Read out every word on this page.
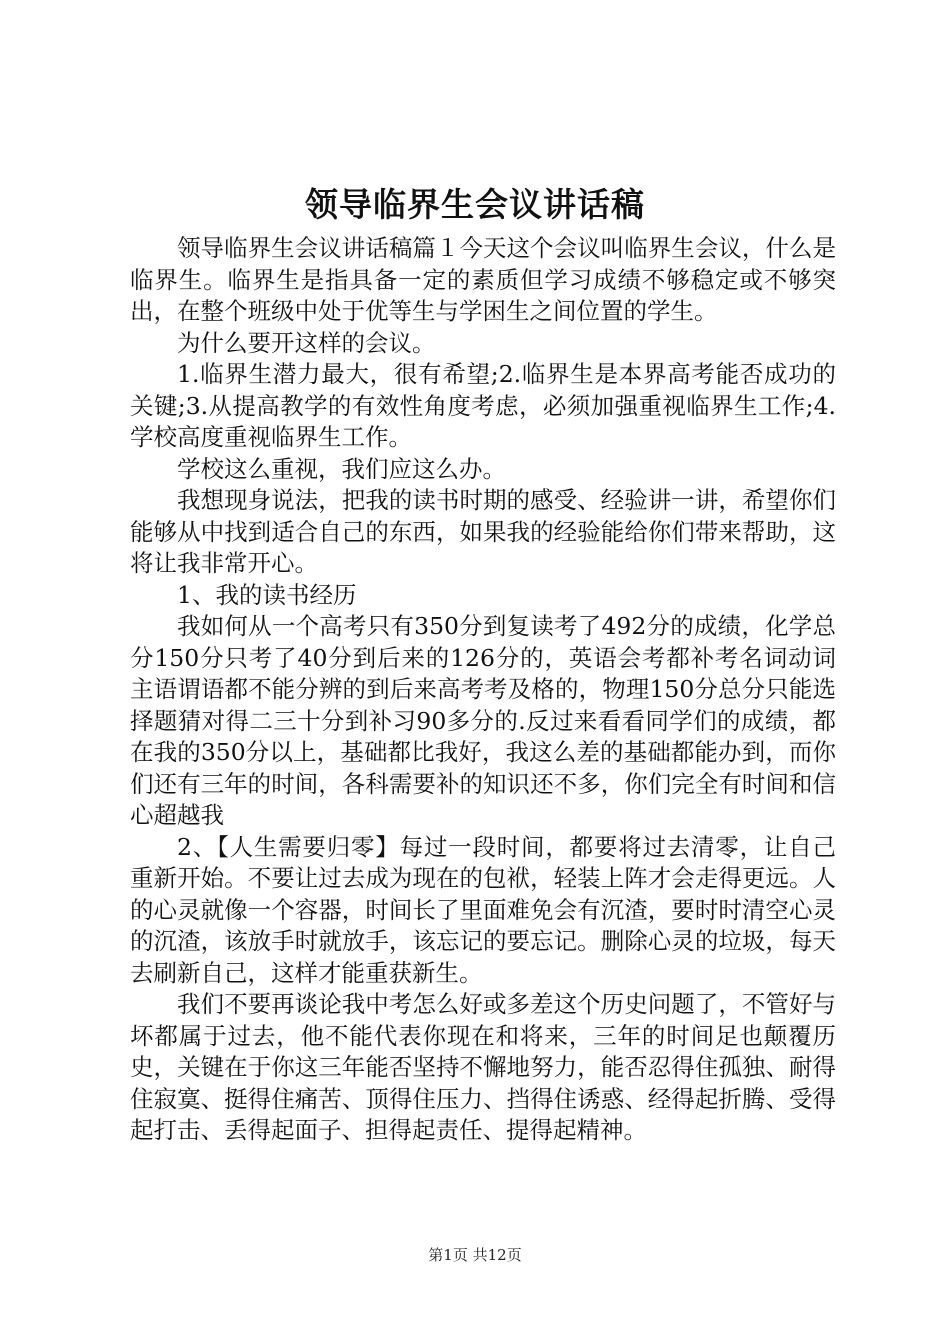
领导临界生会议讲话稿

领导临界生会议讲话稿篇１今天这个会议叫临界生会议，什么是临界生。临界生是指具备一定的素质但学习成绩不够稳定或不够突出，在整个班级中处于优等生与学困生之间位置的学生。

为什么要开这样的会议。

1.临界生潜力最大，很有希望;2.临界生是本界高考能否成功的关键;3.从提高教学的有效性角度考虑，必须加强重视临界生工作;4.学校高度重视临界生工作。

学校这么重视，我们应这么办。

我想现身说法，把我的读书时期的感受、经验讲一讲，希望你们能够从中找到适合自己的东西，如果我的经验能给你们带来帮助，这将让我非常开心。

1、我的读书经历

我如何从一个高考只有350分到复读考了492分的成绩，化学总分150分只考了40分到后来的126分的，英语会考都补考名词动词主语谓语都不能分辨的到后来高考考及格的，物理150分总分只能选择题猜对得二三十分到补习90多分的.反过来看看同学们的成绩，都在我的350分以上，基础都比我好，我这么差的基础都能办到，而你们还有三年的时间，各科需要补的知识还不多，你们完全有时间和信心超越我

2、【人生需要归零】每过一段时间，都要将过去清零，让自己重新开始。不要让过去成为现在的包袱，轻装上阵才会走得更远。人的心灵就像一个容器，时间长了里面难免会有沉渣，要时时清空心灵的沉渣，该放手时就放手，该忘记的要忘记。删除心灵的垃圾，每天去刷新自己，这样才能重获新生。

我们不要再谈论我中考怎么好或多差这个历史问题了，不管好与坏都属于过去，他不能代表你现在和将来，三年的时间足也颠覆历史，关键在于你这三年能否坚持不懈地努力，能否忍得住孤独、耐得住寂寞、挺得住痛苦、顶得住压力、挡得住诱惑、经得起折腾、受得起打击、丢得起面子、担得起责任、提得起精神。

第1页 共12页
